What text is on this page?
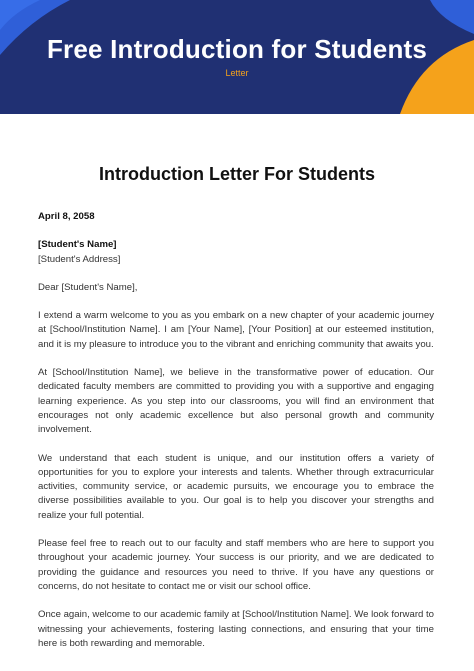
Free Introduction for Students
Letter
Introduction Letter For Students

April 8, 2058

[Student's Name]
[Student's Address]

Dear [Student's Name],

I extend a warm welcome to you as you embark on a new chapter of your academic journey at [School/Institution Name]. I am [Your Name], [Your Position] at our esteemed institution, and it is my pleasure to introduce you to the vibrant and enriching community that awaits you.

At [School/Institution Name], we believe in the transformative power of education. Our dedicated faculty members are committed to providing you with a supportive and engaging learning experience. As you step into our classrooms, you will find an environment that encourages not only academic excellence but also personal growth and community involvement.

We understand that each student is unique, and our institution offers a variety of opportunities for you to explore your interests and talents. Whether through extracurricular activities, community service, or academic pursuits, we encourage you to embrace the diverse possibilities available to you. Our goal is to help you discover your strengths and realize your full potential.

Please feel free to reach out to our faculty and staff members who are here to support you throughout your academic journey. Your success is our priority, and we are dedicated to providing the guidance and resources you need to thrive. If you have any questions or concerns, do not hesitate to contact me or visit our school office.

Once again, welcome to our academic family at [School/Institution Name]. We look forward to witnessing your achievements, fostering lasting connections, and ensuring that your time here is both rewarding and memorable.
